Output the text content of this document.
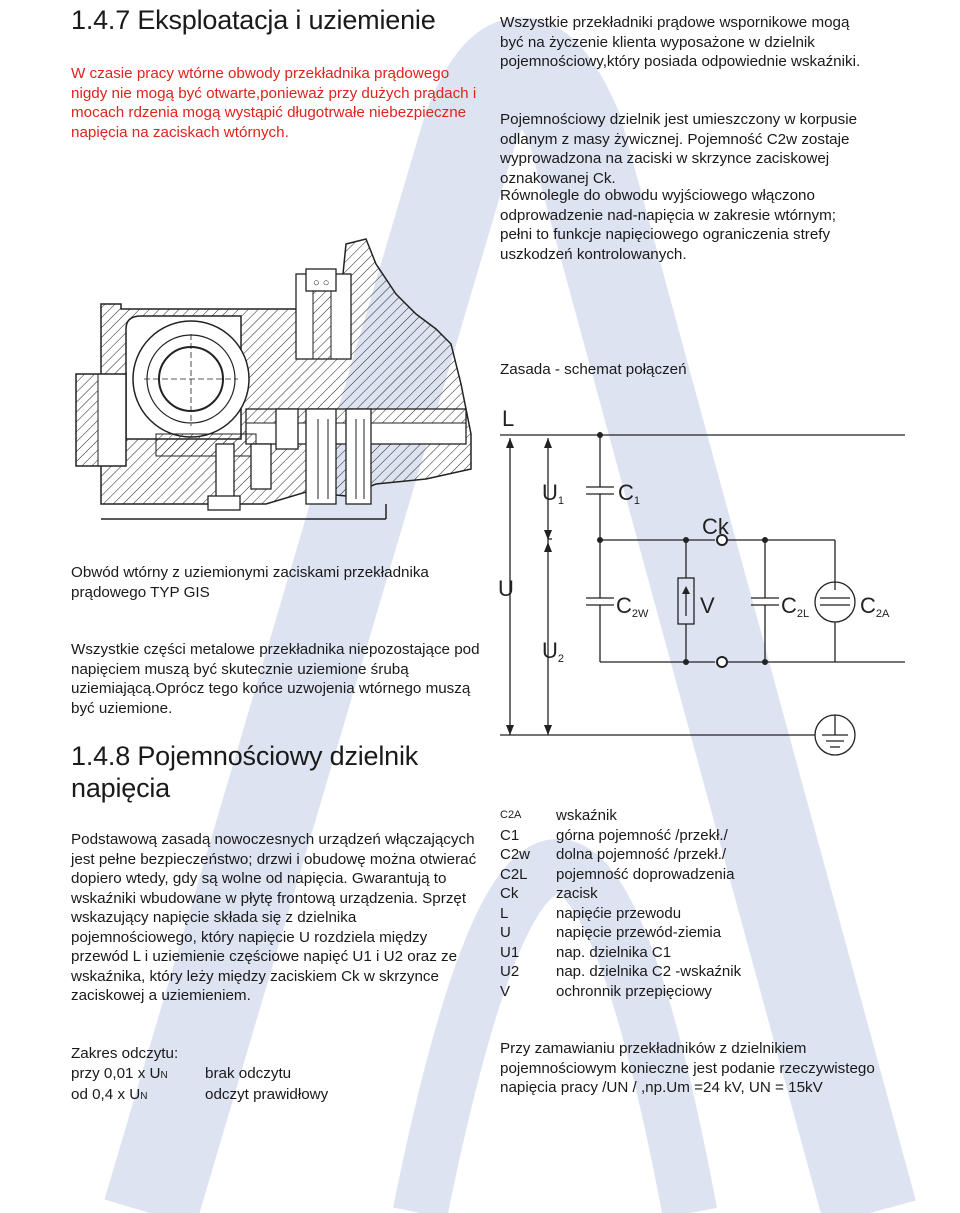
1.4.7 Eksploatacja i uziemienie

W czasie pracy wtórne obwody przekładnika prądowego nigdy nie mogą być otwarte,ponieważ przy dużych prądach i mocach rdzenia mogą wystąpić długotrwałe niebezpieczne napięcia na zaciskach wtórnych.

○ ○

Obwód wtórny z uziemionymi zaciskami przekładnika prądowego TYP GIS

Wszystkie części metalowe przekładnika niepozostające pod napięciem muszą być skutecznie uziemione śrubą uziemiającą.Oprócz tego końce uzwojenia wtórnego muszą być uziemione.

1.4.8 Pojemnościowy dzielnik napięcia

Podstawową zasadą nowoczesnych urządzeń włączających jest pełne bezpieczeństwo; drzwi i obudowę można otwierać dopiero wtedy, gdy są wolne od napięcia. Gwarantują to wskaźniki wbudowane w płytę frontową urządzenia. Sprzęt wskazujący napięcie składa się z dzielnika pojemnościowego, który napięcie U rozdziela między przewód L i uziemienie częściowe napięć U1 i U2 oraz ze wskaźnika, który leży między zaciskiem Ck w skrzynce zaciskowej a uziemieniem.

Zakres odczytu:
przy 0,01 x UN	brak odczytu
od 0,4 x UN	odczyt prawidłowy

Wszystkie przekładniki prądowe wspornikowe mogą być na życzenie klienta wyposażone w dzielnik pojemnościowy,który posiada odpowiednie wskaźniki.

Pojemnościowy dzielnik jest umieszczony w korpusie odlanym z masy żywicznej. Pojemność C2w zostaje wyprowadzona na zaciski w skrzynce zaciskowej oznakowanej Ck.

Równolegle do obwodu wyjściowego włączono odprowadzenie nad-napięcia w zakresie wtórnym; pełni to funkcje napięciowego ograniczenia strefy uszkodzeń kontrolowanych.

Zasada - schemat połączeń
L
U
U1 C1
Ck
C2W V	C2L C2A
U2
C2A	wskaźnik
C1	górna pojemność /przekł./
C2w	dolna pojemność /przekł./
C2L	pojemność doprowadzenia
Ck	zacisk
L	napięćie przewodu
U	napięcie przewód-ziemia
U1	nap. dzielnika C1
U2	nap. dzielnika C2 -wskaźnik
V	ochronnik przepięciowy

Przy zamawianiu przekładników z dzielnikiem pojemnościowym konieczne jest podanie rzeczywistego napięcia pracy /UN / ,np.Um =24 kV, UN = 15kV
